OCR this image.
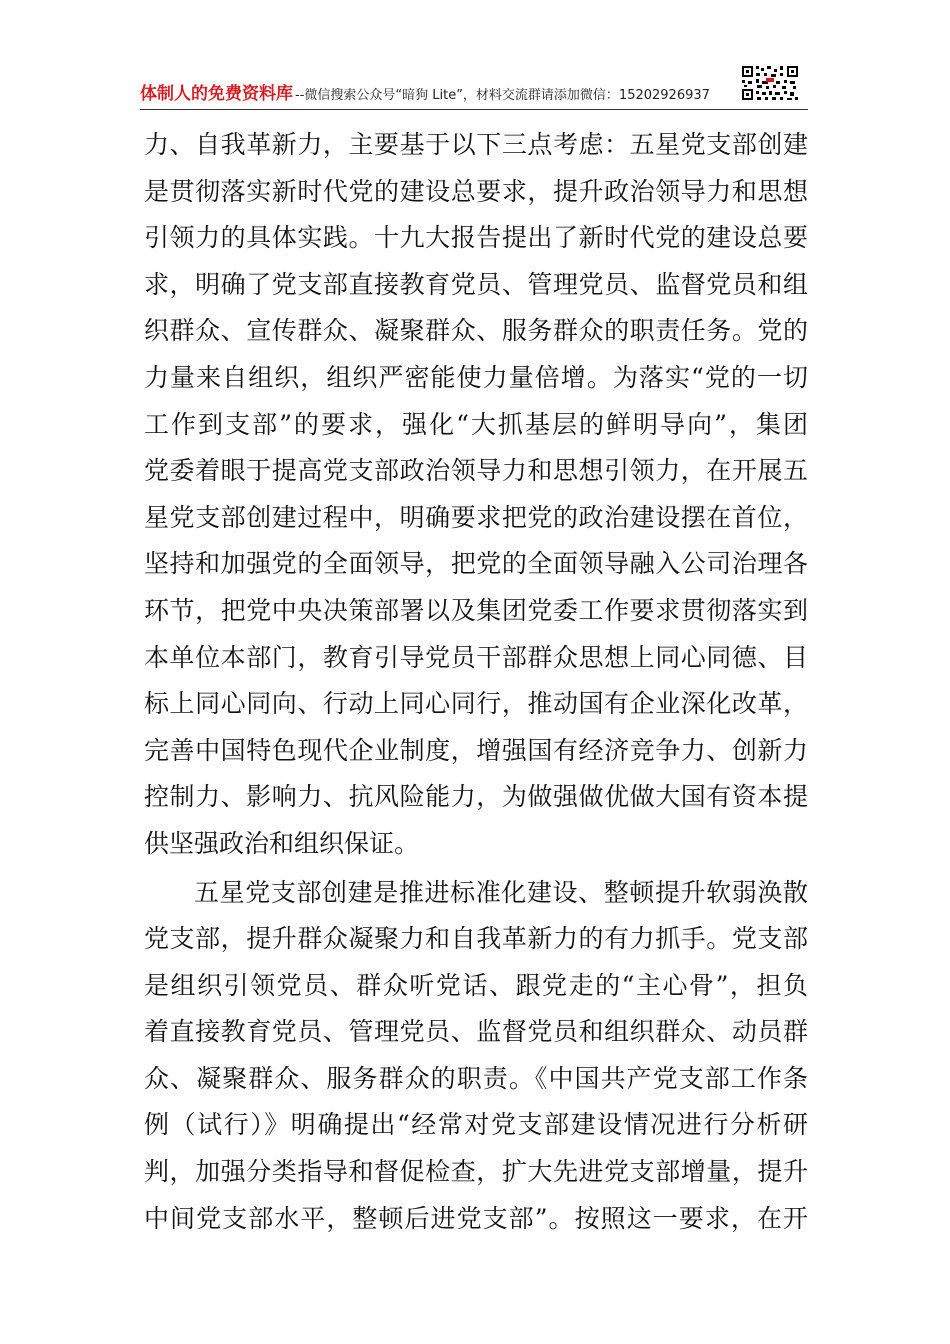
体制人的免费资料库 --微信搜索公众号“暗狗 Lite”，材料交流群请添加微信：15202926937
力、自我革新力，主要基于以下三点考虑：五星党支部创建
是贯彻落实新时代党的建设总要求，提升政治领导力和思想
引领力的具体实践。十九大报告提出了新时代党的建设总要
求，明确了党支部直接教育党员、管理党员、监督党员和组
织群众、宣传群众、凝聚群众、服务群众的职责任务。党的
力量来自组织，组织严密能使力量倍增。为落实“党的一切
工作到支部”的要求，强化“大抓基层的鲜明导向”，集团
党委着眼于提高党支部政治领导力和思想引领力，在开展五
星党支部创建过程中，明确要求把党的政治建设摆在首位，
坚持和加强党的全面领导，把党的全面领导融入公司治理各
环节，把党中央决策部署以及集团党委工作要求贯彻落实到
本单位本部门，教育引导党员干部群众思想上同心同德、目
标上同心同向、行动上同心同行，推动国有企业深化改革，
完善中国特色现代企业制度，增强国有经济竞争力、创新力
控制力、影响力、抗风险能力，为做强做优做大国有资本提
供坚强政治和组织保证。
五星党支部创建是推进标准化建设、整顿提升软弱涣散
党支部，提升群众凝聚力和自我革新力的有力抓手。党支部
是组织引领党员、群众听党话、跟党走的“主心骨”，担负
着直接教育党员、管理党员、监督党员和组织群众、动员群
众、凝聚群众、服务群众的职责。《中国共产党支部工作条
例（试行）》明确提出“经常对党支部建设情况进行分析研
判，加强分类指导和督促检查，扩大先进党支部增量，提升
中间党支部水平，整顿后进党支部”。按照这一要求，在开
